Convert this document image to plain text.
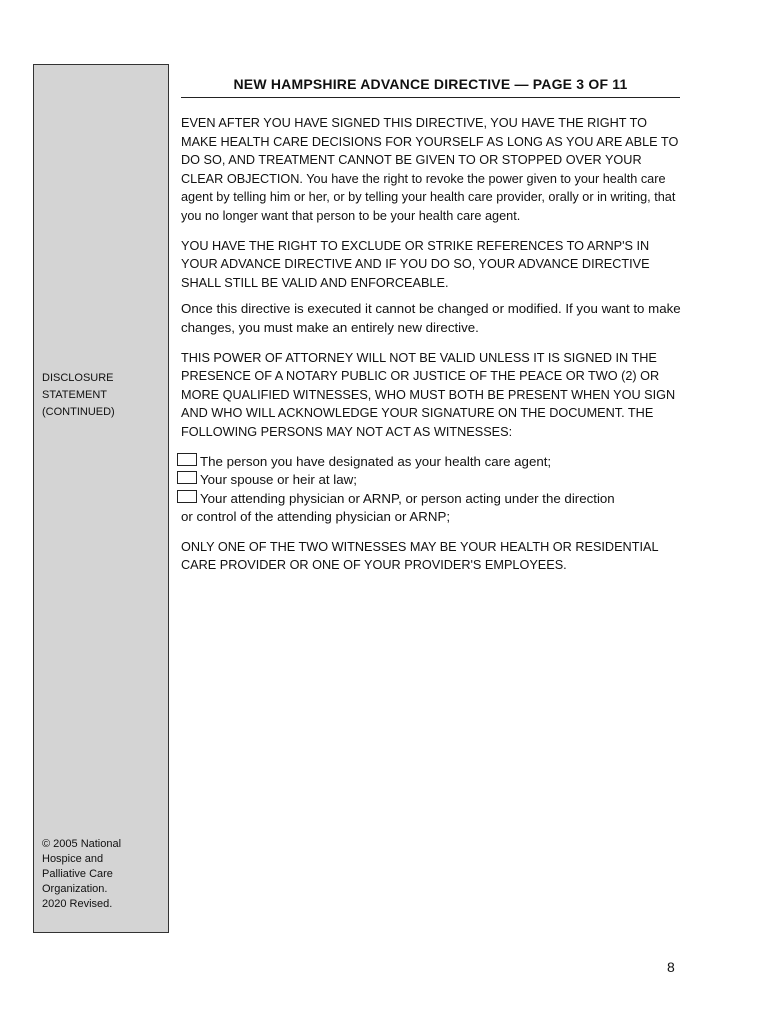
DISCLOSURE
STATEMENT
(CONTINUED)
© 2005 National
Hospice and
Palliative Care
Organization.
2020 Revised.
NEW HAMPSHIRE ADVANCE DIRECTIVE — PAGE 3 OF 11

EVEN AFTER YOU HAVE SIGNED THIS DIRECTIVE, YOU HAVE THE RIGHT TO MAKE HEALTH CARE DECISIONS FOR YOURSELF AS LONG AS YOU ARE ABLE TO DO SO, AND TREATMENT CANNOT BE GIVEN TO OR STOPPED OVER YOUR CLEAR OBJECTION. You have the right to revoke the power given to your health care agent by telling him or her, or by telling your health care provider, orally or in writing, that you no longer want that person to be your health care agent.

YOU HAVE THE RIGHT TO EXCLUDE OR STRIKE REFERENCES TO ARNP'S IN YOUR ADVANCE DIRECTIVE AND IF YOU DO SO, YOUR ADVANCE DIRECTIVE SHALL STILL BE VALID AND ENFORCEABLE.

Once this directive is executed it cannot be changed or modified. If you want to make changes, you must make an entirely new directive.

THIS POWER OF ATTORNEY WILL NOT BE VALID UNLESS IT IS SIGNED IN THE PRESENCE OF A NOTARY PUBLIC OR JUSTICE OF THE PEACE OR TWO (2) OR MORE QUALIFIED WITNESSES, WHO MUST BOTH BE PRESENT WHEN YOU SIGN AND WHO WILL ACKNOWLEDGE YOUR SIGNATURE ON THE DOCUMENT. THE FOLLOWING PERSONS MAY NOT ACT AS WITNESSES:

The person you have designated as your health care agent;
Your spouse or heir at law;
Your attending physician or ARNP, or person acting under the direction
or control of the attending physician or ARNP;

ONLY ONE OF THE TWO WITNESSES MAY BE YOUR HEALTH OR RESIDENTIAL CARE PROVIDER OR ONE OF YOUR PROVIDER'S EMPLOYEES.

8
